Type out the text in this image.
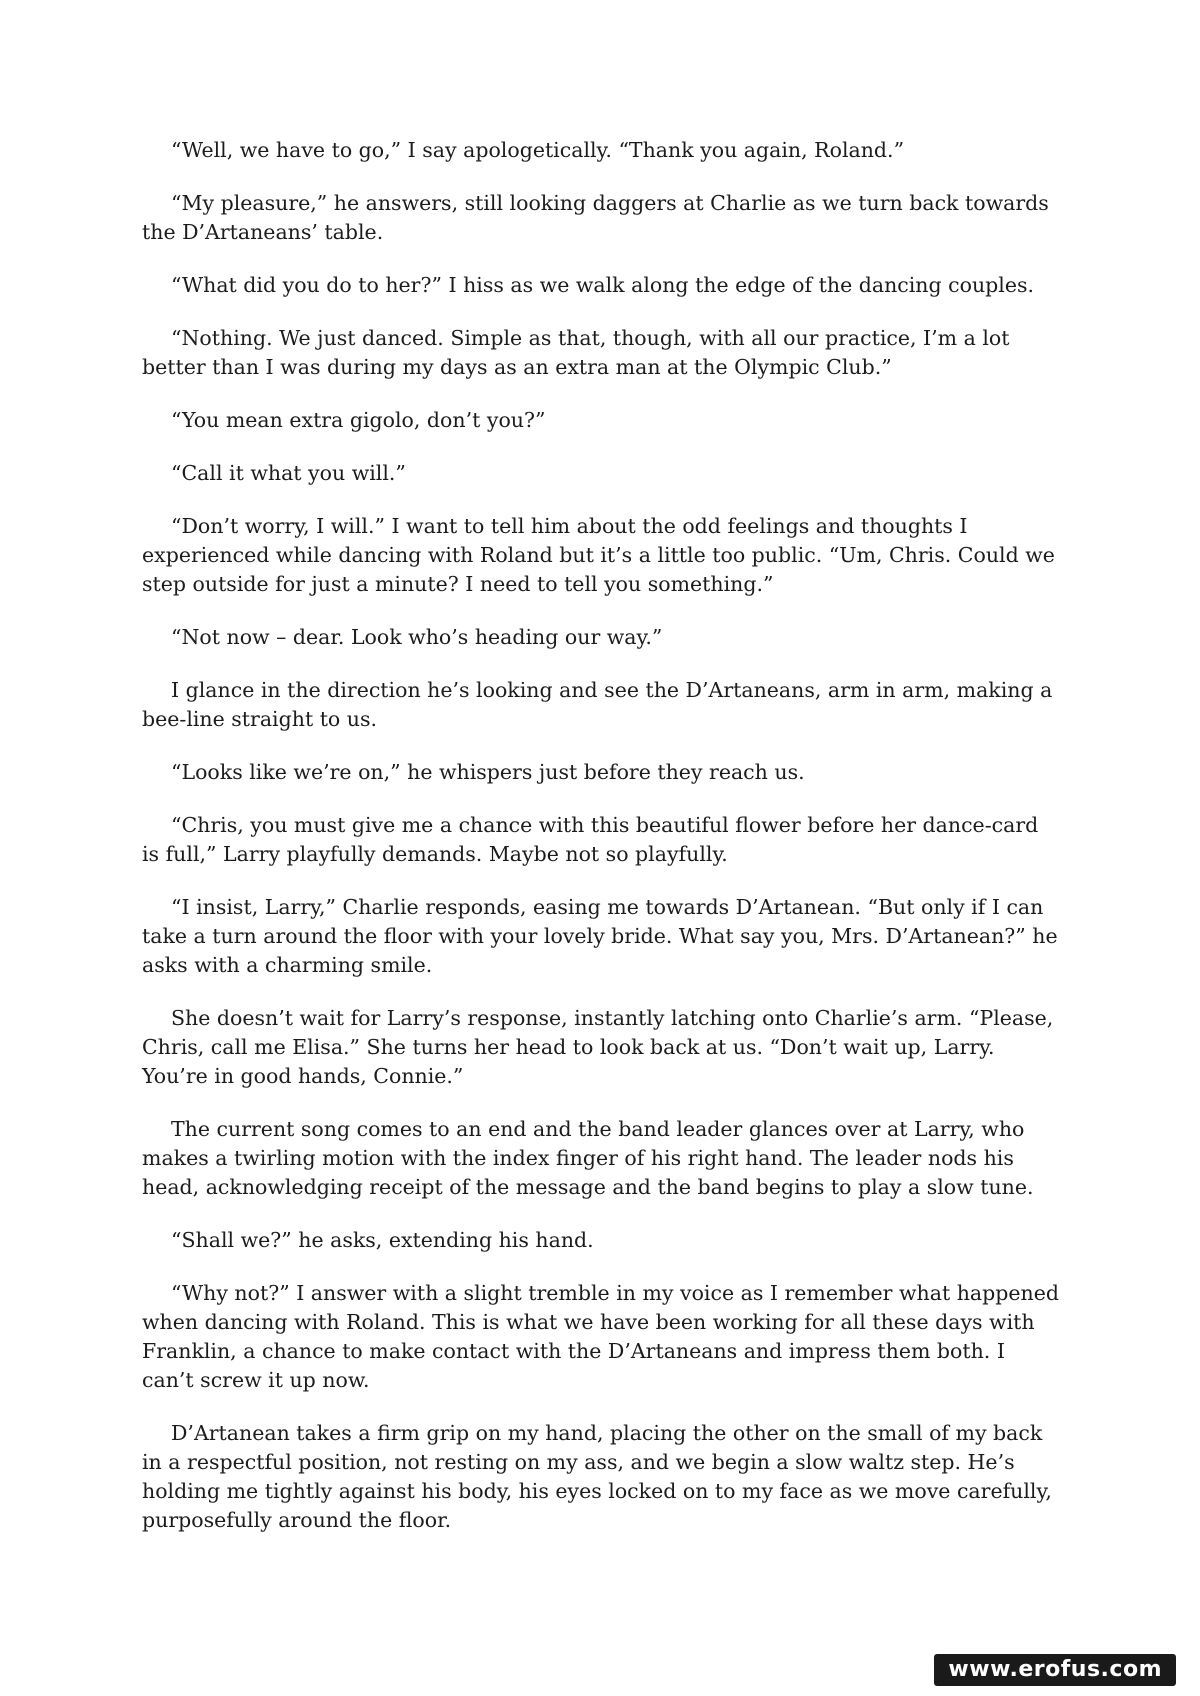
“Well, we have to go,” I say apologetically. “Thank you again, Roland.”

“My pleasure,” he answers, still looking daggers at Charlie as we turn back towards the D’Artaneans’ table.

“What did you do to her?” I hiss as we walk along the edge of the dancing couples.

“Nothing. We just danced. Simple as that, though, with all our practice, I’m a lot better than I was during my days as an extra man at the Olympic Club.”

“You mean extra gigolo, don’t you?”

“Call it what you will.”

“Don’t worry, I will.” I want to tell him about the odd feelings and thoughts I experienced while dancing with Roland but it’s a little too public. “Um, Chris. Could we step outside for just a minute? I need to tell you something.”

“Not now – dear. Look who’s heading our way.”

I glance in the direction he’s looking and see the D’Artaneans, arm in arm, making a bee-line straight to us.

“Looks like we’re on,” he whispers just before they reach us.

“Chris, you must give me a chance with this beautiful flower before her dance-card is full,” Larry playfully demands. Maybe not so playfully.

“I insist, Larry,” Charlie responds, easing me towards D’Artanean. “But only if I can take a turn around the floor with your lovely bride. What say you, Mrs. D’Artanean?” he asks with a charming smile.

She doesn’t wait for Larry’s response, instantly latching onto Charlie’s arm. “Please, Chris, call me Elisa.” She turns her head to look back at us. “Don’t wait up, Larry. You’re in good hands, Connie.”

The current song comes to an end and the band leader glances over at Larry, who makes a twirling motion with the index finger of his right hand. The leader nods his head, acknowledging receipt of the message and the band begins to play a slow tune.

“Shall we?” he asks, extending his hand.

“Why not?” I answer with a slight tremble in my voice as I remember what happened when dancing with Roland. This is what we have been working for all these days with Franklin, a chance to make contact with the D’Artaneans and impress them both. I can’t screw it up now.

D’Artanean takes a firm grip on my hand, placing the other on the small of my back in a respectful position, not resting on my ass, and we begin a slow waltz step. He’s holding me tightly against his body, his eyes locked on to my face as we move carefully, purposefully around the floor.

www.erofus.com
